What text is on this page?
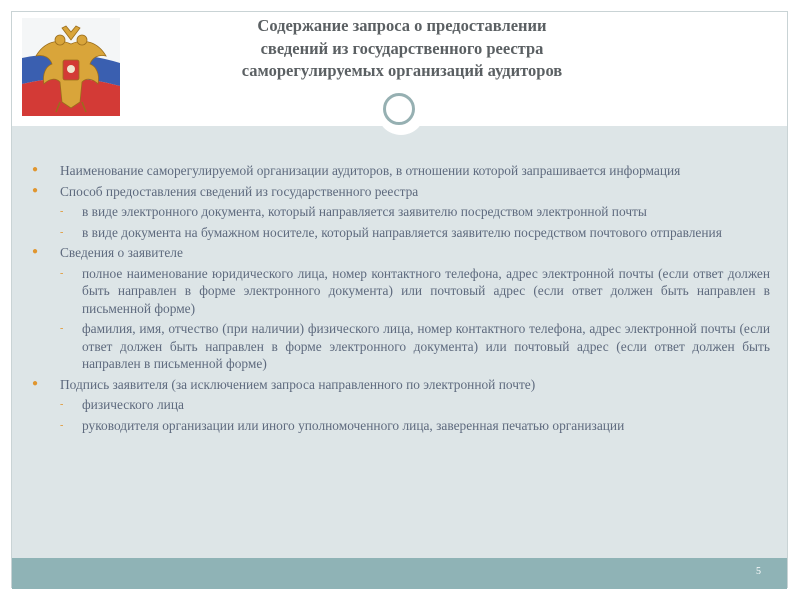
Содержание запроса о предоставлении
сведений из государственного реестра
саморегулируемых организаций аудиторов
● Наименование саморегулируемой организации аудиторов, в отношении которой запрашивается информация
● Способ предоставления сведений из государственного реестра
- в виде электронного документа, который направляется заявителю посредством электронной почты
- в виде документа на бумажном носителе, который направляется заявителю посредством почтового отправления
● Сведения о заявителе
- полное наименование юридического лица, номер контактного телефона, адрес электронной почты (если ответ должен быть направлен в форме электронного документа) или почтовый адрес (если ответ должен быть направлен в письменной форме)
- фамилия, имя, отчество (при наличии) физического лица, номер контактного телефона, адрес электронной почты (если ответ должен быть направлен в форме электронного документа) или почтовый адрес (если ответ должен быть направлен в письменной форме)
● Подпись заявителя (за исключением запроса направленного по электронной почте)
- физического лица
- руководителя организации или иного уполномоченного лица, заверенная печатью организации
5
